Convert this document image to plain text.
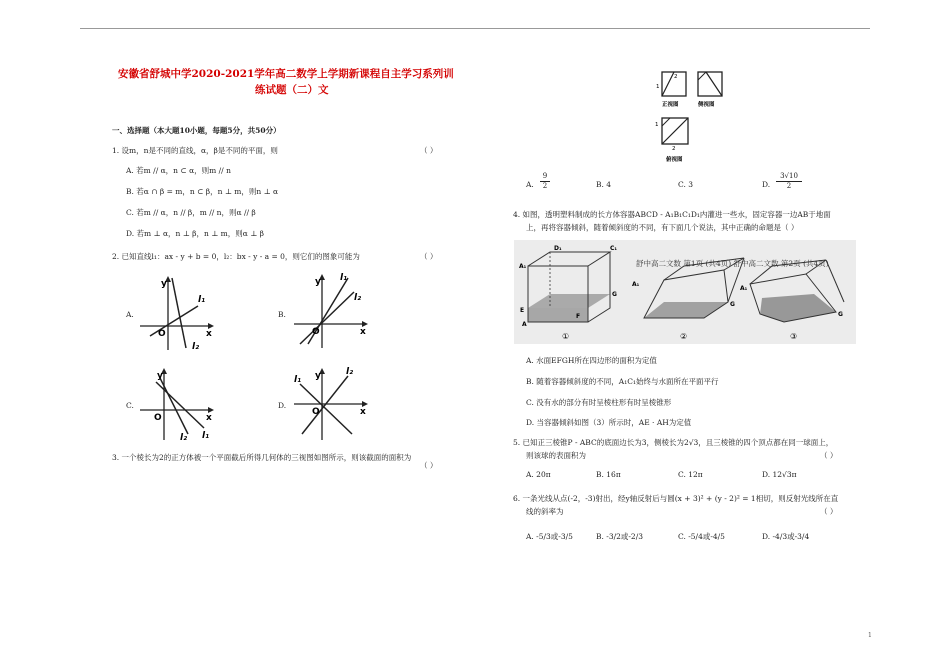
安徽省舒城中学2020-2021学年高二数学上学期新课程自主学习系列训
练试题（二）文
一、选择题（本大题10小题，每题5分，共50分）
1. 设m，n是不同的直线，α，β是不同的平面，则	（ ）
A. 若m // α，n ⊂ α，则m // n
B. 若α ∩ β = m，n ⊂ β，n ⊥ m，则n ⊥ α
C. 若m // α，n // β，m // n，则α // β
D. 若m ⊥ α，n ⊥ β，n ⊥ m，则α ⊥ β
2. 已知直线l₁：ax - y + b = 0，l₂：bx - y - a = 0，则它们的图象可能为	（ ）
A.
y
x
O
l₁
l₂
B.
y
x
O
l₁
l₂
C.
y
x
O
l₁
l₂
D.
y
x
O
l₁
l₂
3. 一个棱长为2的正方体被一个平面截后所得几何体的三视图如图所示，则该截面的面积为
（ ）
2
1
正视图	侧视图
1
2
俯视图
A. $\frac{9}{2}$	B. 4	C. 3	D. $\frac{3√10}{2}$
4. 如图，透明塑料制成的长方体容器ABCD - A₁B₁C₁D₁内灌进一些水，固定容器一边AB于地面
上，再将容器倾斜，随着倾斜度的不同，有下面几个说法，其中正确的命题是（ ）
①
D₁	C₁
A₁
G
E
F
A
②
A₁
G
③
A₁
G
舒中高二文数 第1页 (共4页) 舒中高二文数 第2页 (共4页)
A. 水面EFGH所在四边形的面积为定值
B. 随着容器倾斜度的不同，A₁C₁始终与水面所在平面平行
C. 没有水的部分有时呈棱柱形有时呈棱锥形
D. 当容器倾斜如图（3）所示时，AE · AH为定值
5. 已知正三棱锥P - ABC的底面边长为3，侧棱长为2√3，且三棱锥的四个顶点都在同一球面上，
则该球的表面积为	（ ）
A. 20π	B. 16π	C. 12π	D. 12√3π
6. 一条光线从点(-2，-3)射出，经y轴反射后与圆(x + 3)² + (y - 2)² = 1相切，则反射光线所在直
线的斜率为	（ ）
A. -5/3或-3/5	B. -3/2或-2/3	C. -5/4或-4/5	D. -4/3或-3/4
1
